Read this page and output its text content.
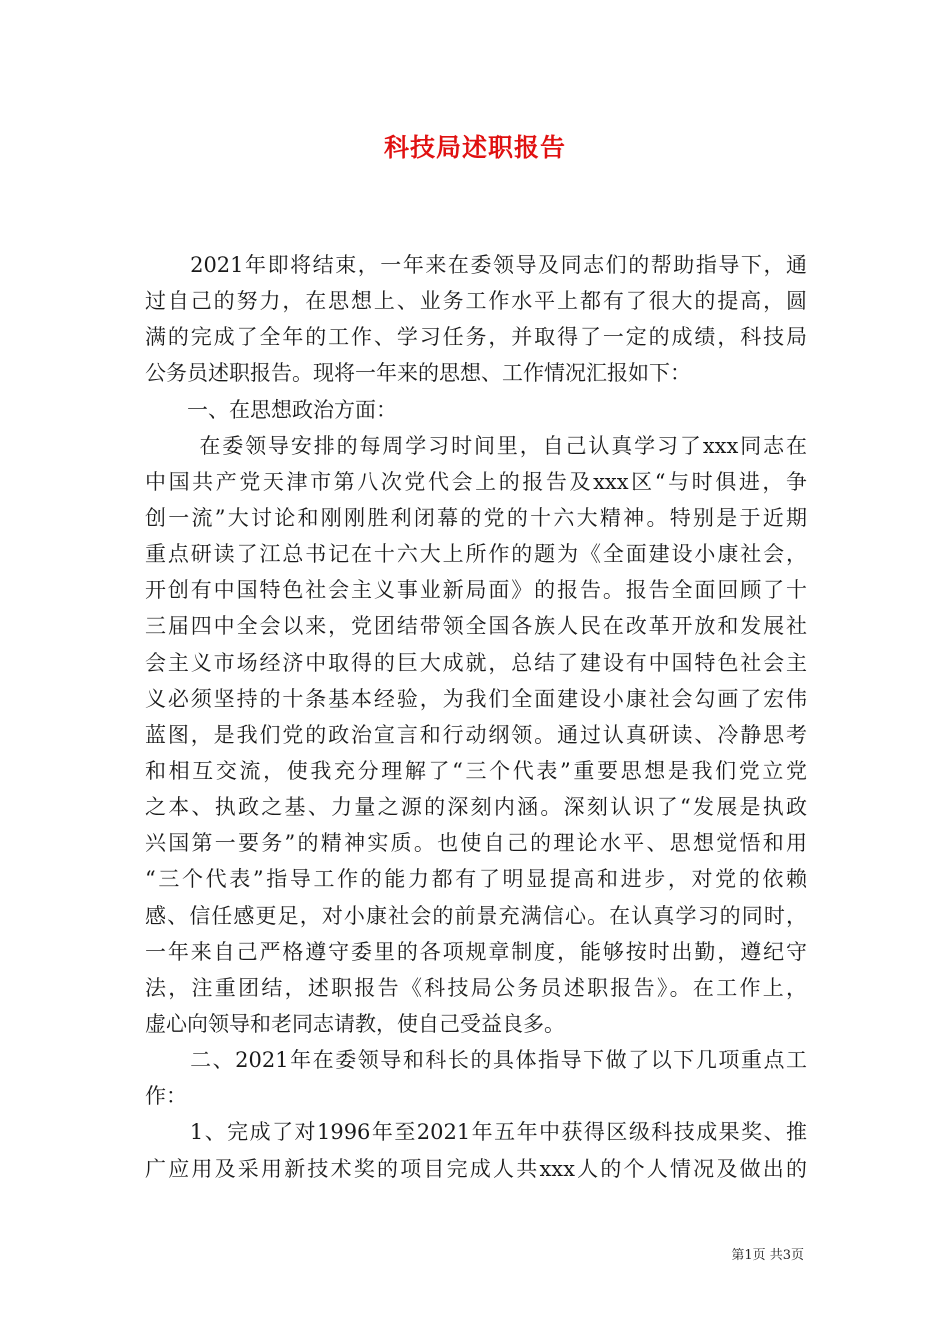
科技局述职报告
　　2021年即将结束，一年来在委领导及同志们的帮助指导下，通
过自己的努力，在思想上、业务工作水平上都有了很大的提高，圆
满的完成了全年的工作、学习任务，并取得了一定的成绩，科技局
公务员述职报告。现将一年来的思想、工作情况汇报如下：
　　一、在思想政治方面：
　　 在委领导安排的每周学习时间里，自己认真学习了xxx同志在
中国共产党天津市第八次党代会上的报告及xxx区“与时俱进，争
创一流”大讨论和刚刚胜利闭幕的党的十六大精神。特别是于近期
重点研读了江总书记在十六大上所作的题为《全面建设小康社会，
开创有中国特色社会主义事业新局面》的报告。报告全面回顾了十
三届四中全会以来，党团结带领全国各族人民在改革开放和发展社
会主义市场经济中取得的巨大成就，总结了建设有中国特色社会主
义必须坚持的十条基本经验，为我们全面建设小康社会勾画了宏伟
蓝图，是我们党的政治宣言和行动纲领。通过认真研读、冷静思考
和相互交流，使我充分理解了“三个代表”重要思想是我们党立党
之本、执政之基、力量之源的深刻内涵。深刻认识了“发展是执政
兴国第一要务”的精神实质。也使自己的理论水平、思想觉悟和用
“三个代表”指导工作的能力都有了明显提高和进步，对党的依赖
感、信任感更足，对小康社会的前景充满信心。在认真学习的同时，
一年来自己严格遵守委里的各项规章制度，能够按时出勤，遵纪守
法，注重团结，述职报告《科技局公务员述职报告》。在工作上，
虚心向领导和老同志请教，使自己受益良多。
　　二、2021年在委领导和科长的具体指导下做了以下几项重点工
作：
　　1、完成了对1996年至2021年五年中获得区级科技成果奖、推
广应用及采用新技术奖的项目完成人共xxx人的个人情况及做出的
第1页 共3页
